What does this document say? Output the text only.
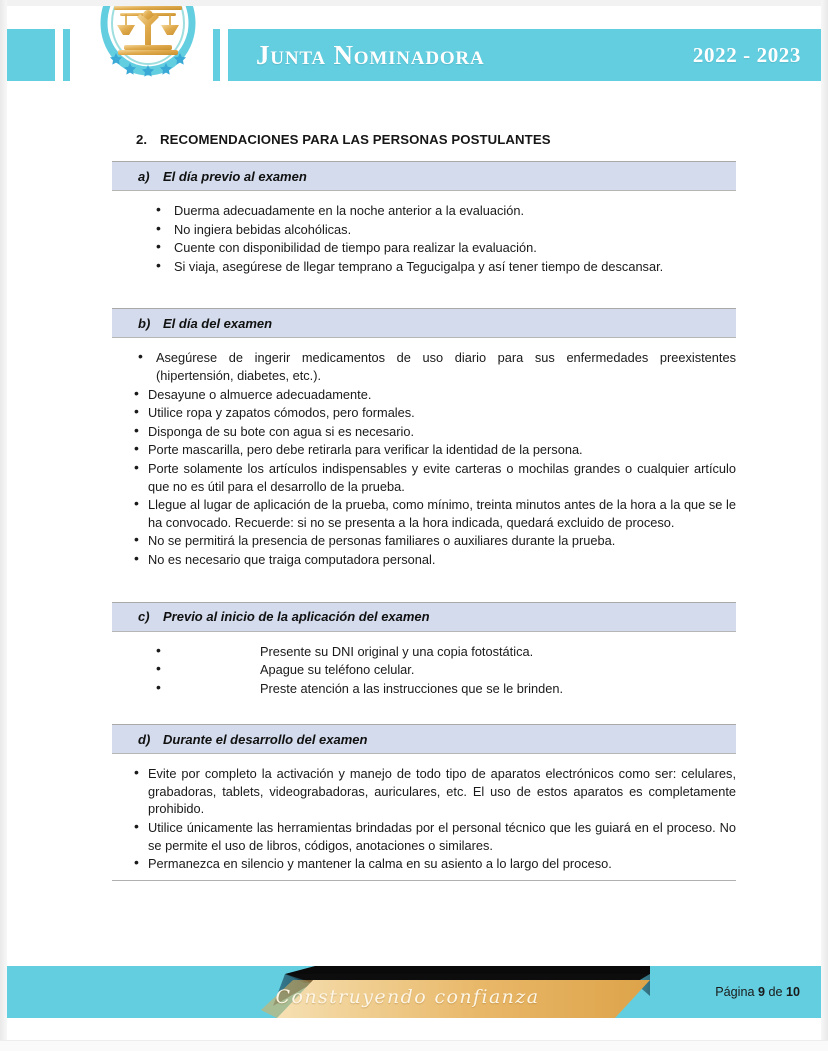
Junta Nominadora	2022 - 2023
2. RECOMENDACIONES PARA LAS PERSONAS POSTULANTES
a)	El día previo al examen
• Duerma adecuadamente en la noche anterior a la evaluación.
• No ingiera bebidas alcohólicas.
• Cuente con disponibilidad de tiempo para realizar la evaluación.
• Si viaja, asegúrese de llegar temprano a Tegucigalpa y así tener tiempo de descansar.
b) El día del examen
• Asegúrese de ingerir medicamentos de uso diario para sus enfermedades preexistentes (hipertensión, diabetes, etc.).
• Desayune o almuerce adecuadamente.
• Utilice ropa y zapatos cómodos, pero formales.
• Disponga de su bote con agua si es necesario.
• Porte mascarilla, pero debe retirarla para verificar la identidad de la persona.
• Porte solamente los artículos indispensables y evite carteras o mochilas grandes o cualquier artículo que no es útil para el desarrollo de la prueba.
• Llegue al lugar de aplicación de la prueba, como mínimo, treinta minutos antes de la hora a la que se le ha convocado. Recuerde: si no se presenta a la hora indicada, quedará excluido de proceso.
• No se permitirá la presencia de personas familiares o auxiliares durante la prueba.
• No es necesario que traiga computadora personal.
c)	Previo al inicio de la aplicación del examen
• Presente su DNI original y una copia fotostática.
• Apague su teléfono celular.
• Preste atención a las instrucciones que se le brinden.
d) Durante el desarrollo del examen
• Evite por completo la activación y manejo de todo tipo de aparatos electrónicos como ser: celulares, grabadoras, tablets, videograbadoras, auriculares, etc. El uso de estos aparatos es completamente prohibido.
• Utilice únicamente las herramientas brindadas por el personal técnico que les guiará en el proceso. No se permite el uso de libros, códigos, anotaciones o similares.
• Permanezca en silencio y mantener la calma en su asiento a lo largo del proceso.
Construyendo confianza	Página
9
de
10
